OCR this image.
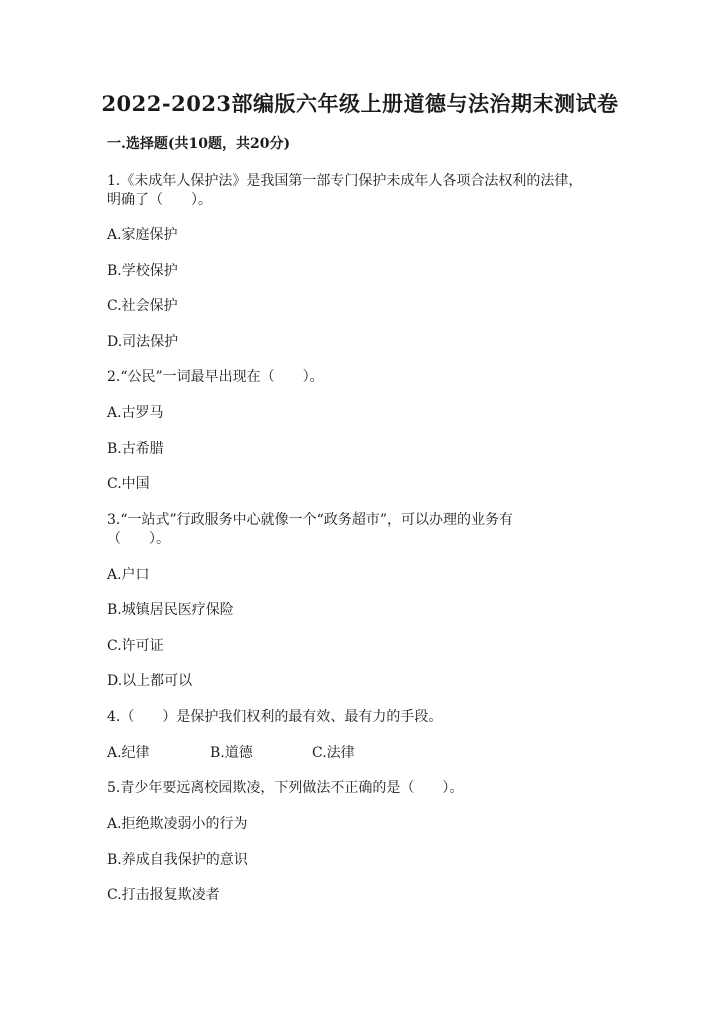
2022-2023部编版六年级上册道德与法治期末测试卷
一.选择题(共10题，共20分)
1.《未成年人保护法》是我国第一部专门保护未成年人各项合法权利的法律，
明确了（　　）。
A.家庭保护
B.学校保护
C.社会保护
D.司法保护
2.“公民”一词最早出现在（　　）。
A.古罗马
B.古希腊
C.中国
3.“一站式”行政服务中心就像一个“政务超市”，可以办理的业务有
（　　）。
A.户口
B.城镇居民医疗保险
C.许可证
D.以上都可以
4.（　　）是保护我们权利的最有效、最有力的手段。
A.纪律	B.道德	C.法律
5.青少年要远离校园欺凌，下列做法不正确的是（　　）。
A.拒绝欺凌弱小的行为
B.养成自我保护的意识
C.打击报复欺凌者
